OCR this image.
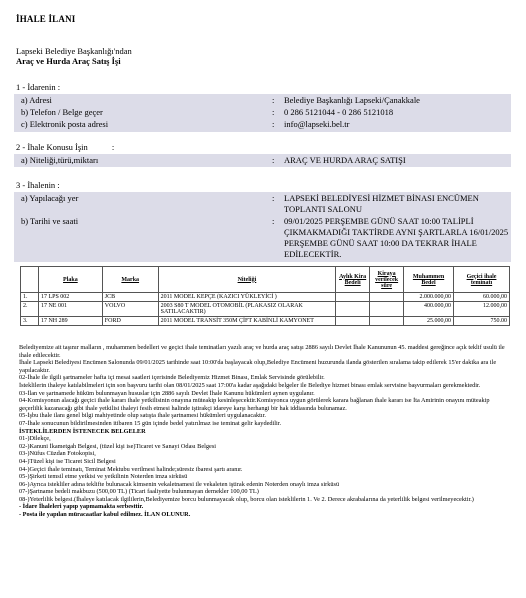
İHALE İLANI
Lapseki Belediye Başkanlığı'ndan
Araç ve Hurda Araç Satış İşi
1 - İdarenin :
a) Adresi	: Belediye Başkanlığı Lapseki/Çanakkale
b) Telefon / Belge geçer	: 0 286 5121044 - 0 286 5121018
c) Elektronik posta adresi	: info@lapseki.bel.tr
2 - İhale Konusu İşin	:
a) Niteliği,türü,miktarı	: ARAÇ VE HURDA ARAÇ SATIŞI
3 - İhalenin :
a) Yapılacağı yer	: LAPSEKİ BELEDİYESİ HİZMET BİNASI ENCÜMEN TOPLANTI SALONU
b) Tarihi ve saati	: 09/01/2025 PERŞEMBE GÜNÜ SAAT 10:00 TALİPLİ ÇIKMAKMADIĞI TAKTİRDE AYNI ŞARTLARLA 16/01/2025 PERŞEMBE GÜNÜ SAAT 10:00 DA TEKRAR İHALE EDİLECEKTİR.
	Plaka	Marka	Niteliği	Aylık Kira Bedeli	Kiraya verilecek süre	Muhammen Bedel	Geçici ihale teminatı
1.	17 LPS 002	JCB	2011 MODEL KEPÇE (KAZICI YÜKLEYİCİ )			2.000.000,00	60.000,00
2.	17 NE 001	VOLVO	2003 S80 T MODEL OTOMOBİL (PLAKASIZ OLARAK SATILACAKTIR)			400.000,00	12.000,00
3.	17 NH 289	FORD	2011 MODEL TRANSİT 350M ÇİFT KABİNLİ KAMYONET			25.000,00	750.00

Belediyemize ait taşınır malların , muhammen bedelleri ve geçici ihale teminatları yazılı araç ve hurda araç satışı 2886 sayılı Devlet İhale Kanununun 45. maddesi gereğince açık teklif usulü ile ihale edilecektir.

İhale Lapseki Belediyesi Encümen Salonunda 09/01/2025 tarihinde saat 10:00'da başlayacak olup,Belediye Encümeni huzurunda ilanda gösterilen sıralama takip edilerek 15'er dakika ara ile yapılacaktır.

02-İhale ile ilgili şartnameler hafta içi mesai saatleri içerisinde Belediyemiz Hizmet Binası, Emlak Servisinde görülebilir.

İsteklilerin ihaleye katılabilmeleri için son başvuru tarihi olan 08/01/2025 saat 17:00'a kadar aşağıdaki belgeler ile Belediye hizmet binası emlak servisine başvurmaları gerekmektedir.

03-İlan ve şartnamede hüküm bulunmayan hususlar için 2886 sayılı Devlet İhale Kanunu hükümleri aynen uygulanır.

04-Komisyonun alacağı geçici ihale kararı ihale yetkilisinin onayına müteakip kesinleşecektir.Komisyonca uygun görülerek karara bağlanan ihale kararı ise İta Amirinin onayını müteakip geçerlilik kazanacağı gibi ihale yetkilisi ihaleyi fesih etmesi halinde iştirakçi idareye karşı herhangi bir hak iddiasında bulunamaz.

05-İşbu ihale ilanı genel bilgi mahiyetinde olup satışta ihale şartnamesi hükümleri uygulanacaktır.

07-İhale sonucunun bildirilmesinden itibaren 15 gün içinde bedel yatırılmaz ise teminat gelir kaydedilir.

İSTEKLİLERDEN İSTENECEK BELGELER

01-)Dilekçe,

02-)Kanuni İkametgah Belgesi, (tüzel kişi ise)Ticaret ve Sanayi Odası Belgesi

03-)Nüfus Cüzdan Fotokopisi,

04-)Tüzel kişi ise Ticaret Sicil Belgesi

04-)Geçici ihale teminatı, Teminat Mektubu verilmesi halinde;süresiz ibaresi şartı aranır.

05-)Şirketi temsil etme yetkisi ve yetkilinin Noterden imza sirküsü

06-)Ayrıca istekliler adına teklifte bulunacak kimsenin vekaletnamesi ile vekaleten iştirak edenin Noterden onaylı imza sirküsü

07-)Şartname bedeli makbuzu (500,00 TL) (Ticari faaliyette bulunmayan dernekler 100,00 TL)

08-)Yeterlilik belgesi.(İhaleye katılacak ilgililerin,Belediyemize borcu bulunmayacak olup, borcu olan isteklilerin 1. Ve 2. Derece akrabalarına da yeterlilik belgesi verilmeyecektir.)

- İdare İhaleleri yapıp yapmamakta serbesttir.

- Posta ile yapılan müracaatlar kabul edilmez. İLAN OLUNUR.
